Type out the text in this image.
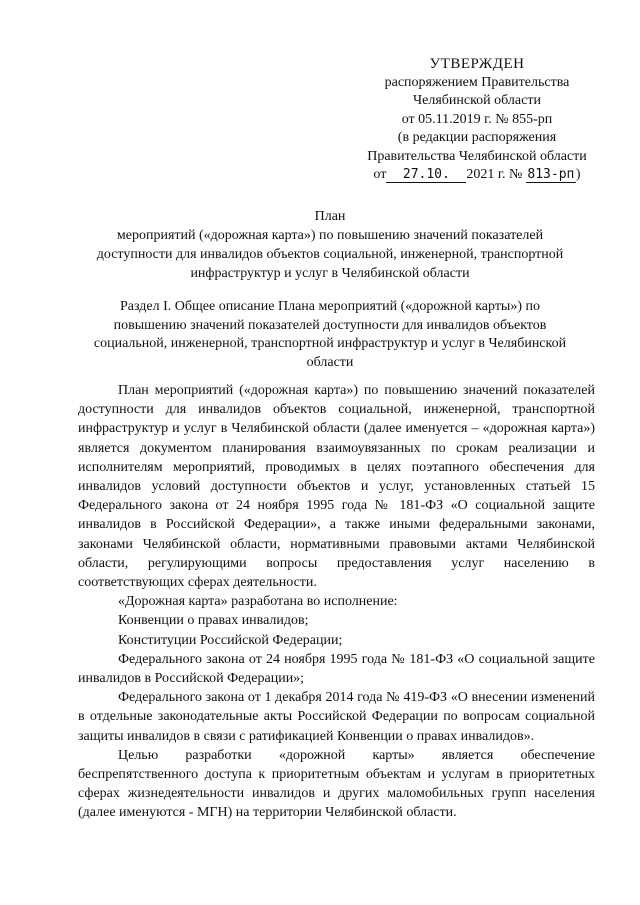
УТВЕРЖДЕН
распоряжением Правительства
Челябинской области
от 05.11.2019 г. № 855-рп
(в редакции распоряжения
Правительства Челябинской области
от 27.10. 2021 г. № 813-рп )
План
мероприятий («дорожная карта») по повышению значений показателей
доступности для инвалидов объектов социальной, инженерной, транспортной
инфраструктур и услуг в Челябинской области
Раздел I. Общее описание Плана мероприятий («дорожной карты») по
повышению значений показателей доступности для инвалидов объектов
социальной, инженерной, транспортной инфраструктур и услуг в Челябинской
области

План мероприятий («дорожная карта») по повышению значений показателей доступности для инвалидов объектов социальной, инженерной, транспортной инфраструктур и услуг в Челябинской области (далее именуется – «дорожная карта») является документом планирования взаимоувязанных по срокам реализации и исполнителям мероприятий, проводимых в целях поэтапного обеспечения для инвалидов условий доступности объектов и услуг, установленных статьей 15 Федерального закона от 24 ноября 1995 года № 181-ФЗ «О социальной защите инвалидов в Российской Федерации», а также иными федеральными законами, законами Челябинской области, нормативными правовыми актами Челябинской области, регулирующими вопросы предоставления услуг населению в соответствующих сферах деятельности.

«Дорожная карта» разработана во исполнение:

Конвенции о правах инвалидов;

Конституции Российской Федерации;

Федерального закона от 24 ноября 1995 года № 181-ФЗ «О социальной защите инвалидов в Российской Федерации»;

Федерального закона от 1 декабря 2014 года № 419-ФЗ «О внесении изменений в отдельные законодательные акты Российской Федерации по вопросам социальной защиты инвалидов в связи с ратификацией Конвенции о правах инвалидов».

Целью разработки «дорожной карты» является обеспечение беспрепятственного доступа к приоритетным объектам и услугам в приоритетных сферах жизнедеятельности инвалидов и других маломобильных групп населения (далее именуются - МГН) на территории Челябинской области.
